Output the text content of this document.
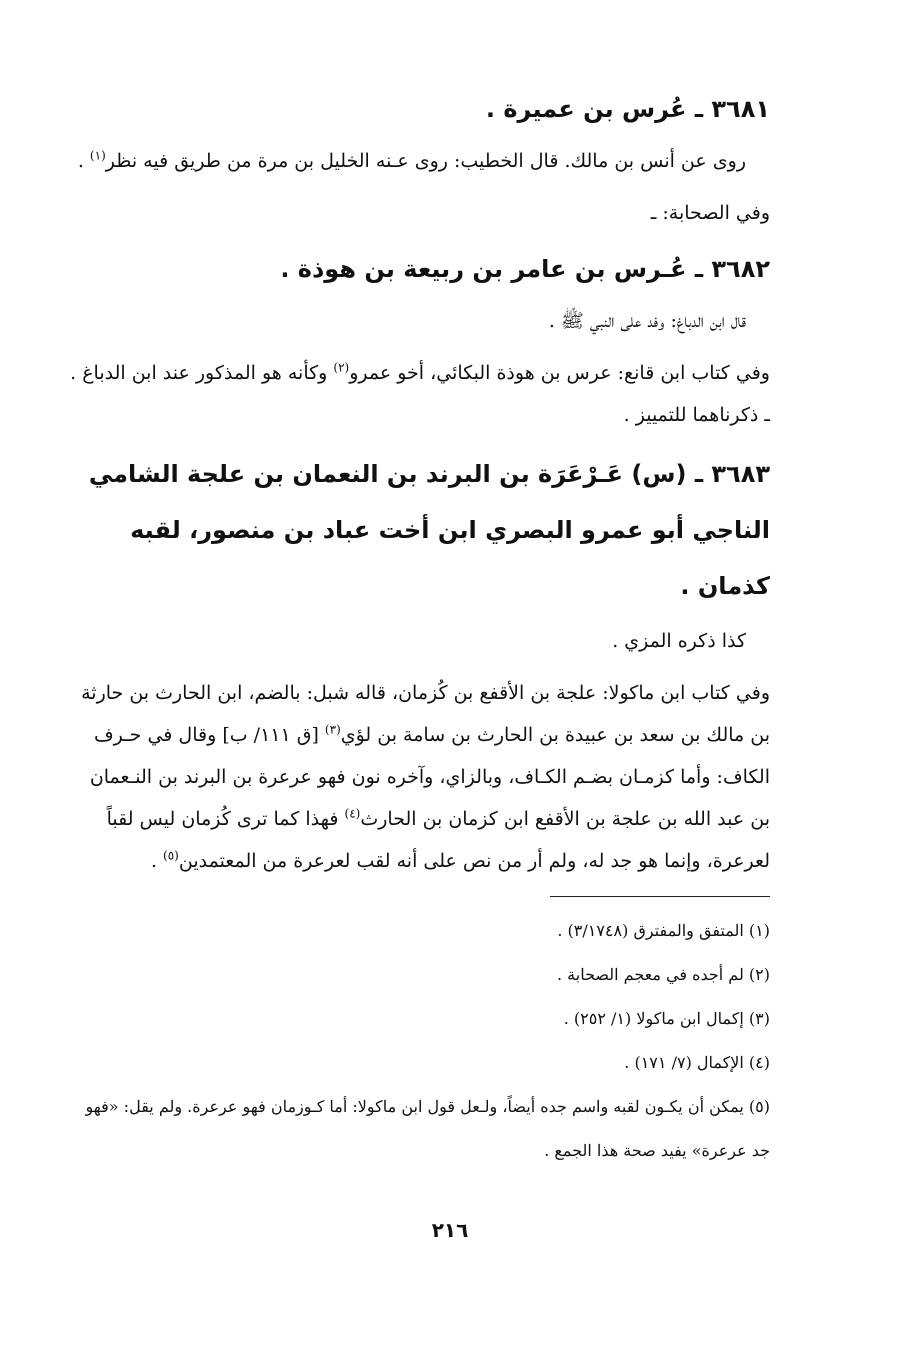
٣٦٨١ ـ عُرس بن عميرة .

روى عن أنس بن مالك. قال الخطيب: روى عـنه الخليل بن مرة من طريق فيه نظر$^{(١)}$ .

وفي الصحابة: ـ

٣٦٨٢ ـ عُـرس بن عامر بن ربيعة بن هوذة .

قال ابن الدباغ: وفد على النبي ﷺ .

وفي كتاب ابن قانع: عرس بن هوذة البكائي، أخو عمرو$^{(٢)}$ وكأنه هو المذكور عند ابن الدباغ . ـ ذكرناهما للتمييز .

٣٦٨٣ ـ (س) عَـرْعَرَة بن البرند بن النعمان بن علجة الشامي الناجي أبو عمرو البصري ابن أخت عباد بن منصور، لقبه كذمان .

كذا ذكره المزي .

وفي كتاب ابن ماكولا: علجة بن الأقفع بن كُزمان، قاله شبل: بالضم، ابن الحارث بن حارثة بن مالك بن سعد بن عبيدة بن الحارث بن سامة بن لؤي$^{(٣)}$ [ق ١١١/ ب] وقال في حـرف الكاف: وأما كزمـان بضـم الكـاف، وبالزاي، وآخره نون فهو عرعرة بن البرند بن النـعمان بن عبد الله بن علجة بن الأقفع ابن كزمان بن الحارث$^{(٤)}$ فهذا كما ترى كُزمان ليس لقباً لعرعرة، وإنما هو جد له، ولم أر من نص على أنه لقب لعرعرة من المعتمدين$^{(٥)}$ .

(١) المتفق والمفترق (٣/١٧٤٨) .

(٢) لم أجده في معجم الصحابة .

(٣) إكمال ابن ماكولا (١/ ٢٥٢) .

(٤) الإكمال (٧/ ١٧١) .

(٥) يمكن أن يكـون لقبه واسم جده أيضاً، ولـعل قول ابن ماكولا: أما كـوزمان فهو عرعرة. ولم يقل: «فهو جد عرعرة» يفيد صحة هذا الجمع .

٢١٦
